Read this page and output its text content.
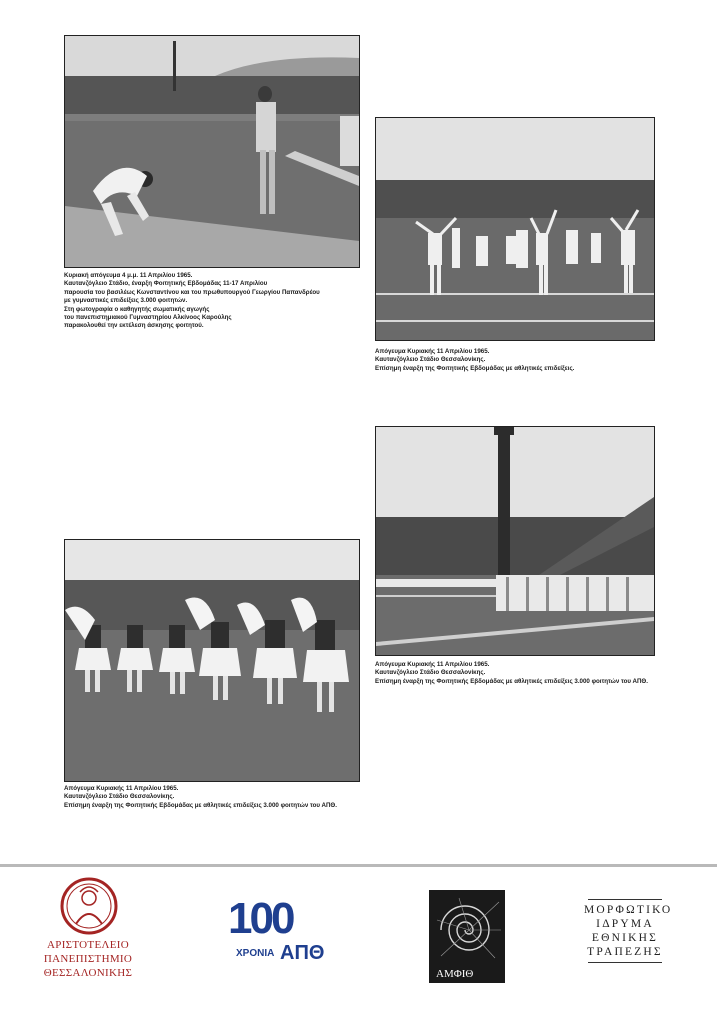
Κυριακή απόγευμα 4 μ.μ. 11 Απριλίου 1965.
Καυτανζόγλειο Στάδιο, έναρξη Φοιτητικής Εβδομάδας 11-17 Απριλίου
παρουσία του βασιλέως Κωνσταντίνου και του πρωθυπουργού Γεωργίου Παπανδρέου
με γυμναστικές επιδείξεις 3.000 φοιτητών.
Στη φωτογραφία ο καθηγητής σωματικής αγωγής
του πανεπιστημιακού Γυμναστηρίου Αλκίνοος Καρούλης
παρακολουθεί την εκτέλεση άσκησης φοιτητού.
Απόγευμα Κυριακής 11 Απριλίου 1965.
Καυτανζόγλειο Στάδιο Θεσσαλονίκης.
Επίσημη έναρξη της Φοιτητικής Εβδομάδας με αθλητικές επιδείξεις.
Απόγευμα Κυριακής 11 Απριλίου 1965.
Καυτανζόγλειο Στάδιο Θεσσαλονίκης.
Επίσημη έναρξη της Φοιτητικής Εβδομάδας με αθλητικές επιδείξεις 3.000 φοιτητών του ΑΠΘ.
Απόγευμα Κυριακής 11 Απριλίου 1965.
Καυτανζόγλειο Στάδιο Θεσσαλονίκης.
Επίσημη έναρξη της Φοιτητικής Εβδομάδας με αθλητικές επιδείξεις 3.000 φοιτητών του ΑΠΘ.
ΑΡΙΣΤΟΤΕΛΕΙΟ
ΠΑΝΕΠΙΣΤΗΜΙΟ
ΘΕΣΣΑΛΟΝΙΚΗΣ
100
ΧΡΟΝΙΑ ΑΠΘ
ΑΜΦΙΘ
ΜΟΡΦΩΤΙΚΟ
ΙΔΡΥΜΑ
ΕΘΝΙΚΗΣ
ΤΡΑΠΕΖΗΣ
